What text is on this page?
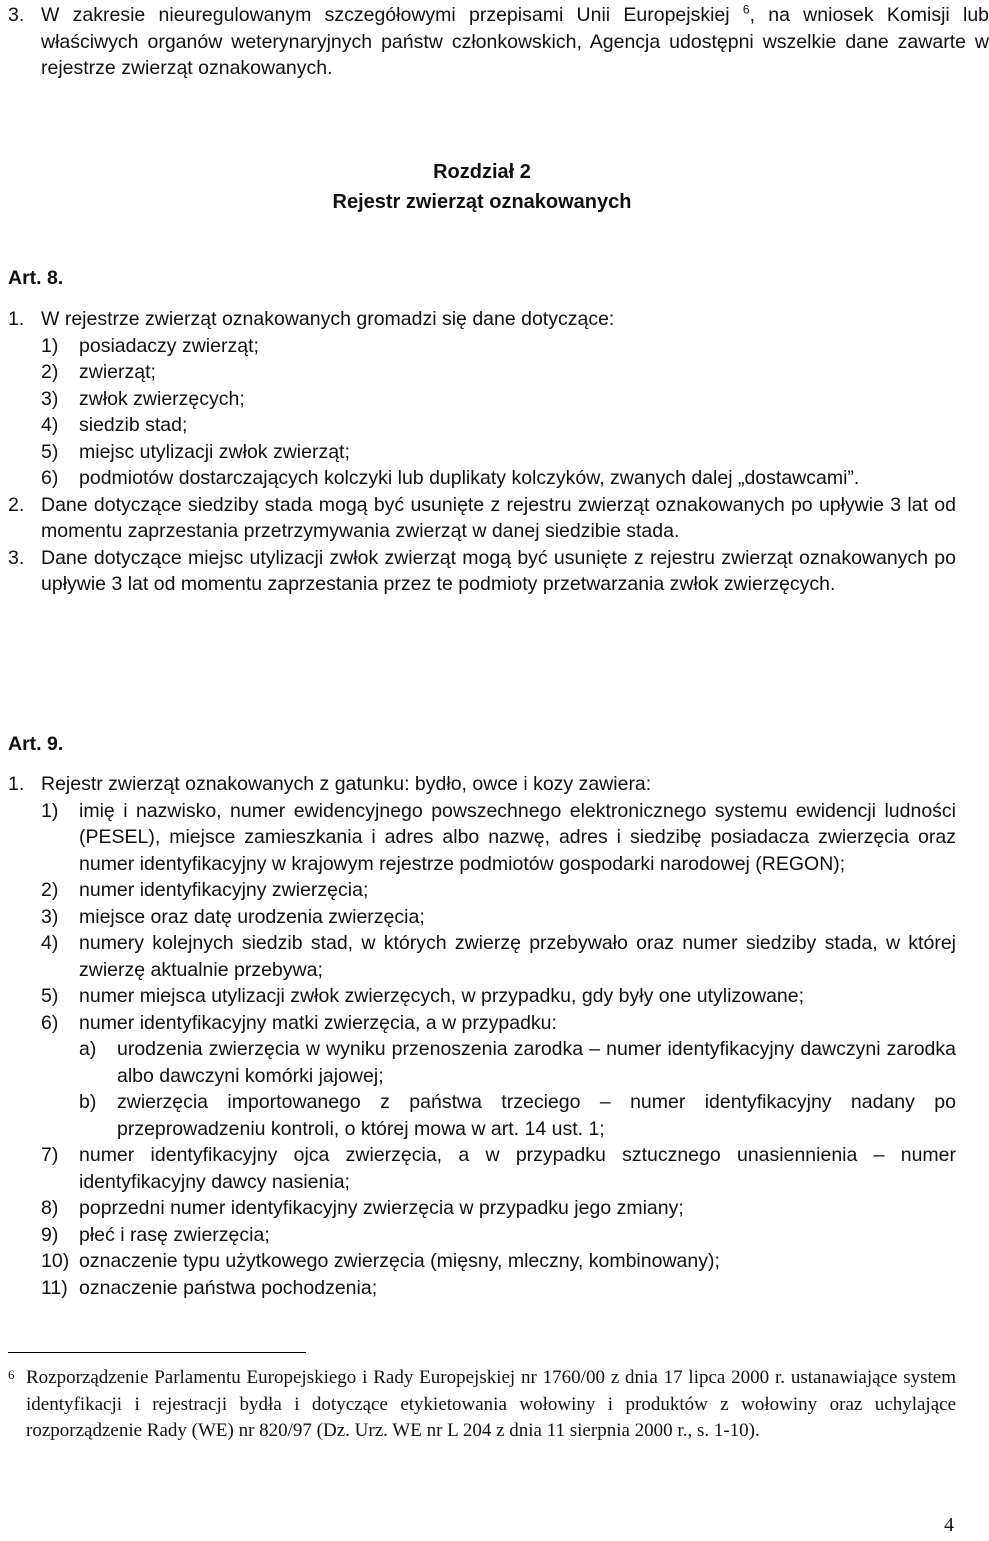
3. W zakresie nieuregulowanym szczegółowymi przepisami Unii Europejskiej $^6$, na wniosek Komisji lub właściwych organów weterynaryjnych państw członkowskich, Agencja udostępni wszelkie dane zawarte w rejestrze zwierząt oznakowanych.
Rozdział 2
Rejestr zwierząt oznakowanych
Art. 8.
1. W rejestrze zwierząt oznakowanych gromadzi się dane dotyczące:
1) posiadaczy zwierząt;
2) zwierząt;
3) zwłok zwierzęcych;
4) siedzib stad;
5) miejsc utylizacji zwłok zwierząt;
6) podmiotów dostarczających kolczyki lub duplikaty kolczyków, zwanych dalej „dostawcami”.
2. Dane dotyczące siedziby stada mogą być usunięte z rejestru zwierząt oznakowanych po upływie 3 lat od momentu zaprzestania przetrzymywania zwierząt w danej siedzibie stada.
3. Dane dotyczące miejsc utylizacji zwłok zwierząt mogą być usunięte z rejestru zwierząt oznakowanych po upływie 3 lat od momentu zaprzestania przez te podmioty przetwarzania zwłok zwierzęcych.
Art. 9.
1. Rejestr zwierząt oznakowanych z gatunku: bydło, owce i kozy zawiera:
1) imię i nazwisko, numer ewidencyjnego powszechnego elektronicznego systemu ewidencji ludności (PESEL), miejsce zamieszkania i adres albo nazwę, adres i siedzibę posiadacza zwierzęcia oraz numer identyfikacyjny w krajowym rejestrze podmiotów gospodarki narodowej (REGON);
2) numer identyfikacyjny zwierzęcia;
3) miejsce oraz datę urodzenia zwierzęcia;
4) numery kolejnych siedzib stad, w których zwierzę przebywało oraz numer siedziby stada, w której zwierzę aktualnie przebywa;
5) numer miejsca utylizacji zwłok zwierzęcych, w przypadku, gdy były one utylizowane;
6) numer identyfikacyjny matki zwierzęcia, a w przypadku:
a) urodzenia zwierzęcia w wyniku przenoszenia zarodka – numer identyfikacyjny dawczyni zarodka albo dawczyni komórki jajowej;
b) zwierzęcia importowanego z państwa trzeciego – numer identyfikacyjny nadany po przeprowadzeniu kontroli, o której mowa w art. 14 ust. 1;
7) numer identyfikacyjny ojca zwierzęcia, a w przypadku sztucznego unasiennienia – numer identyfikacyjny dawcy nasienia;
8) poprzedni numer identyfikacyjny zwierzęcia w przypadku jego zmiany;
9) płeć i rasę zwierzęcia;
10) oznaczenie typu użytkowego zwierzęcia (mięsny, mleczny, kombinowany);
11) oznaczenie państwa pochodzenia;
6 Rozporządzenie Parlamentu Europejskiego i Rady Europejskiej nr 1760/00 z dnia 17 lipca 2000 r. ustanawiające system identyfikacji i rejestracji bydła i dotyczące etykietowania wołowiny i produktów z wołowiny oraz uchylające rozporządzenie Rady (WE) nr 820/97 (Dz. Urz. WE nr L 204 z dnia 11 sierpnia 2000 r., s. 1-10).
4
